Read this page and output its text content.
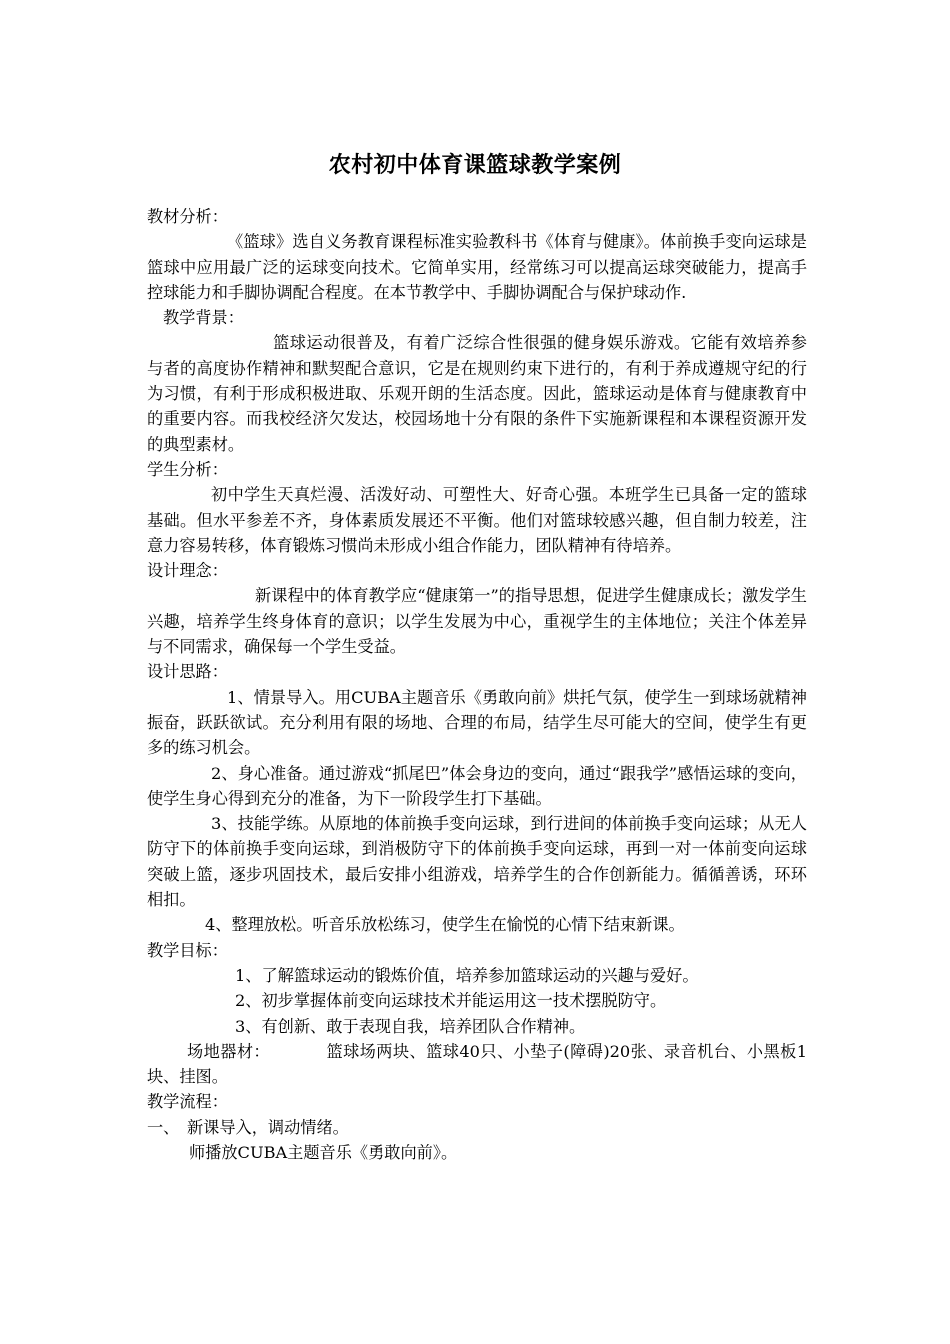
农村初中体育课篮球教学案例

教材分析：

《篮球》选自义务教育课程标准实验教科书《体育与健康》。体前换手变向运球是篮球中应用最广泛的运球变向技术。它简单实用，经常练习可以提高运球突破能力，提高手控球能力和手脚协调配合程度。在本节教学中、手脚协调配合与保护球动作.

教学背景：

篮球运动很普及，有着广泛综合性很强的健身娱乐游戏。它能有效培养参与者的高度协作精神和默契配合意识，它是在规则约束下进行的，有利于养成遵规守纪的行为习惯，有利于形成积极进取、乐观开朗的生活态度。因此，篮球运动是体育与健康教育中的重要内容。而我校经济欠发达，校园场地十分有限的条件下实施新课程和本课程资源开发的典型素材。

学生分析：

初中学生天真烂漫、活泼好动、可塑性大、好奇心强。本班学生已具备一定的篮球基础。但水平参差不齐，身体素质发展还不平衡。他们对篮球较感兴趣，但自制力较差，注意力容易转移，体育锻炼习惯尚未形成小组合作能力，团队精神有待培养。

设计理念：

新课程中的体育教学应“健康第一”的指导思想，促进学生健康成长；激发学生兴趣，培养学生终身体育的意识；以学生发展为中心，重视学生的主体地位；关注个体差异与不同需求，确保每一个学生受益。

设计思路：

1、情景导入。用CUBA主题音乐《勇敢向前》烘托气氛，使学生一到球场就精神振奋，跃跃欲试。充分利用有限的场地、合理的布局，结学生尽可能大的空间，使学生有更多的练习机会。

2、身心准备。通过游戏“抓尾巴”体会身边的变向，通过“跟我学”感悟运球的变向，使学生身心得到充分的准备，为下一阶段学生打下基础。

3、技能学练。从原地的体前换手变向运球，到行进间的体前换手变向运球；从无人防守下的体前换手变向运球，到消极防守下的体前换手变向运球，再到一对一体前变向运球突破上篮，逐步巩固技术，最后安排小组游戏，培养学生的合作创新能力。循循善诱，环环相扣。

4、整理放松。听音乐放松练习，使学生在愉悦的心情下结束新课。

教学目标：

1、了解篮球运动的锻炼价值，培养参加篮球运动的兴趣与爱好。

2、初步掌握体前变向运球技术并能运用这一技术摆脱防守。

3、有创新、敢于表现自我，培养团队合作精神。

场地器材：	篮球场两块、篮球40只、小垫子(障碍)20张、录音机台、小黑板1块、挂图。

教学流程：

一、 新课导入，调动情绪。

师播放CUBA主题音乐《勇敢向前》。
